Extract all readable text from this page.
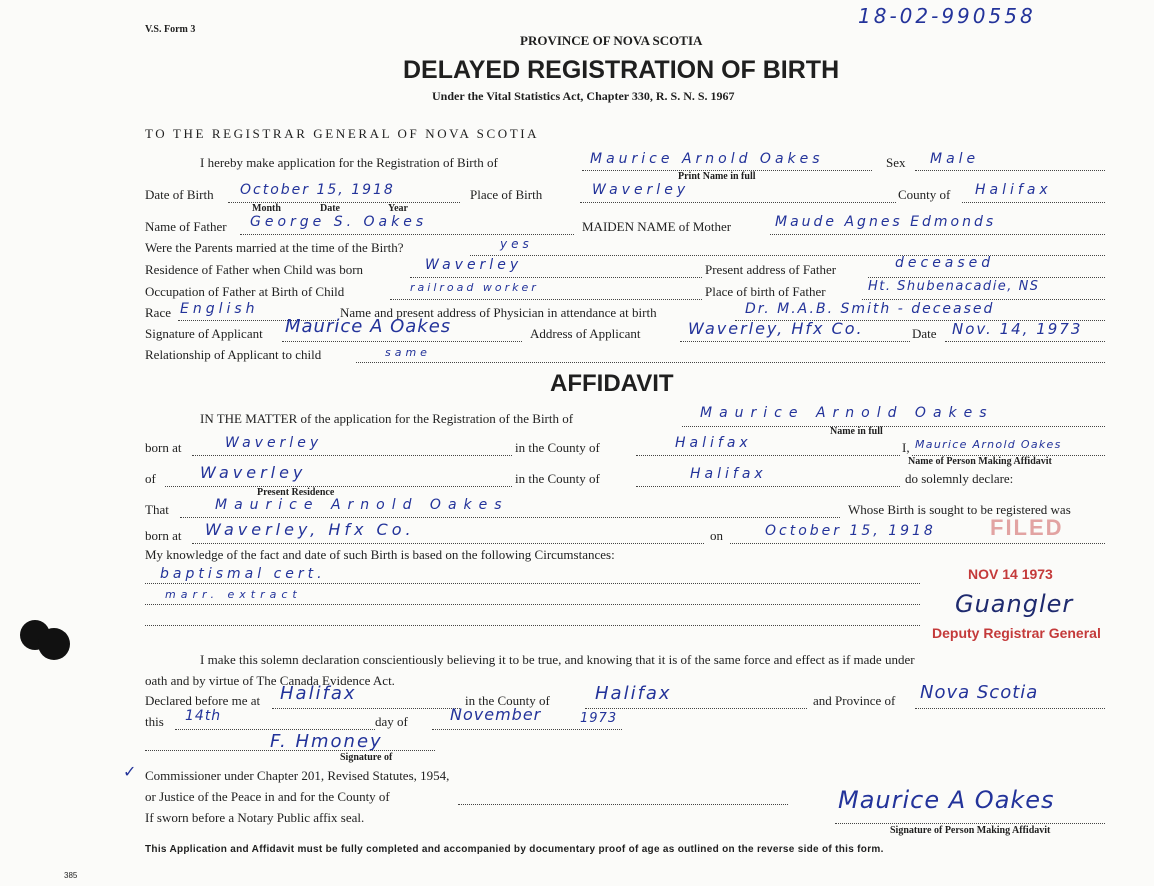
V.S. Form 3
18-02-990558
PROVINCE OF NOVA SCOTIA
DELAYED REGISTRATION OF BIRTH
Under the Vital Statistics Act, Chapter 330, R. S. N. S. 1967
TO THE REGISTRAR GENERAL OF NOVA SCOTIA
I hereby make application for the Registration of Birth of	Maurice Arnold Oakes
Print Name in full
Sex Male
Date of Birth October 15, 1918
Month	Date	Year
Place of Birth	Waverley	County of Halifax
Name of Father George S. Oakes	MAIDEN NAME of Mother	Maude Agnes Edmonds
Were the Parents married at the time of the Birth?	yes
Residence of Father when Child was born	Waverley	Present address of Father	deceased
Occupation of Father at Birth of Child	railroad worker	Place of birth of Father	Ht. Shubenacadie, NS
Race English	Name and present address of Physician in attendance at birth	Dr. M.A.B. Smith - deceased
Signature of Applicant Maurice A Oakes	Address of Applicant	Waverley, Hfx Co.	Date Nov. 14, 1973
Relationship of Applicant to child	same
AFFIDAVIT
IN THE MATTER of the application for the Registration of the Birth of	Maurice Arnold Oakes
Name in full
born at	Waverley	in the County of	Halifax	I, Maurice Arnold Oakes
Name of Person Making Affidavit
of	Waverley
Present Residence
in the County of	Halifax	do solemnly declare:
That	Maurice Arnold Oakes	Whose Birth is sought to be registered was
born at Waverley, Hfx Co.	on	October 15, 1918 FILED
My knowledge of the fact and date of such Birth is based on the following Circumstances:
baptismal cert.
marr. extract
NOV 14 1973
Guangler
Deputy Registrar General
I make this solemn declaration conscientiously believing it to be true, and knowing that it is of the same force and effect as if made under
oath and by virtue of The Canada Evidence Act.
Declared before me at Halifax	in the County of	Halifax	and Province of Nova Scotia
this 14th	day of	November	1973
F. Hmoney
Signature of
✓ Commissioner under Chapter 201, Revised Statutes, 1954,
or Justice of the Peace in and for the County of
If sworn before a Notary Public affix seal.
Maurice A Oakes
Signature of Person Making Affidavit
This Application and Affidavit must be fully completed and accompanied by documentary proof of age as outlined on the reverse side of this form.
385
